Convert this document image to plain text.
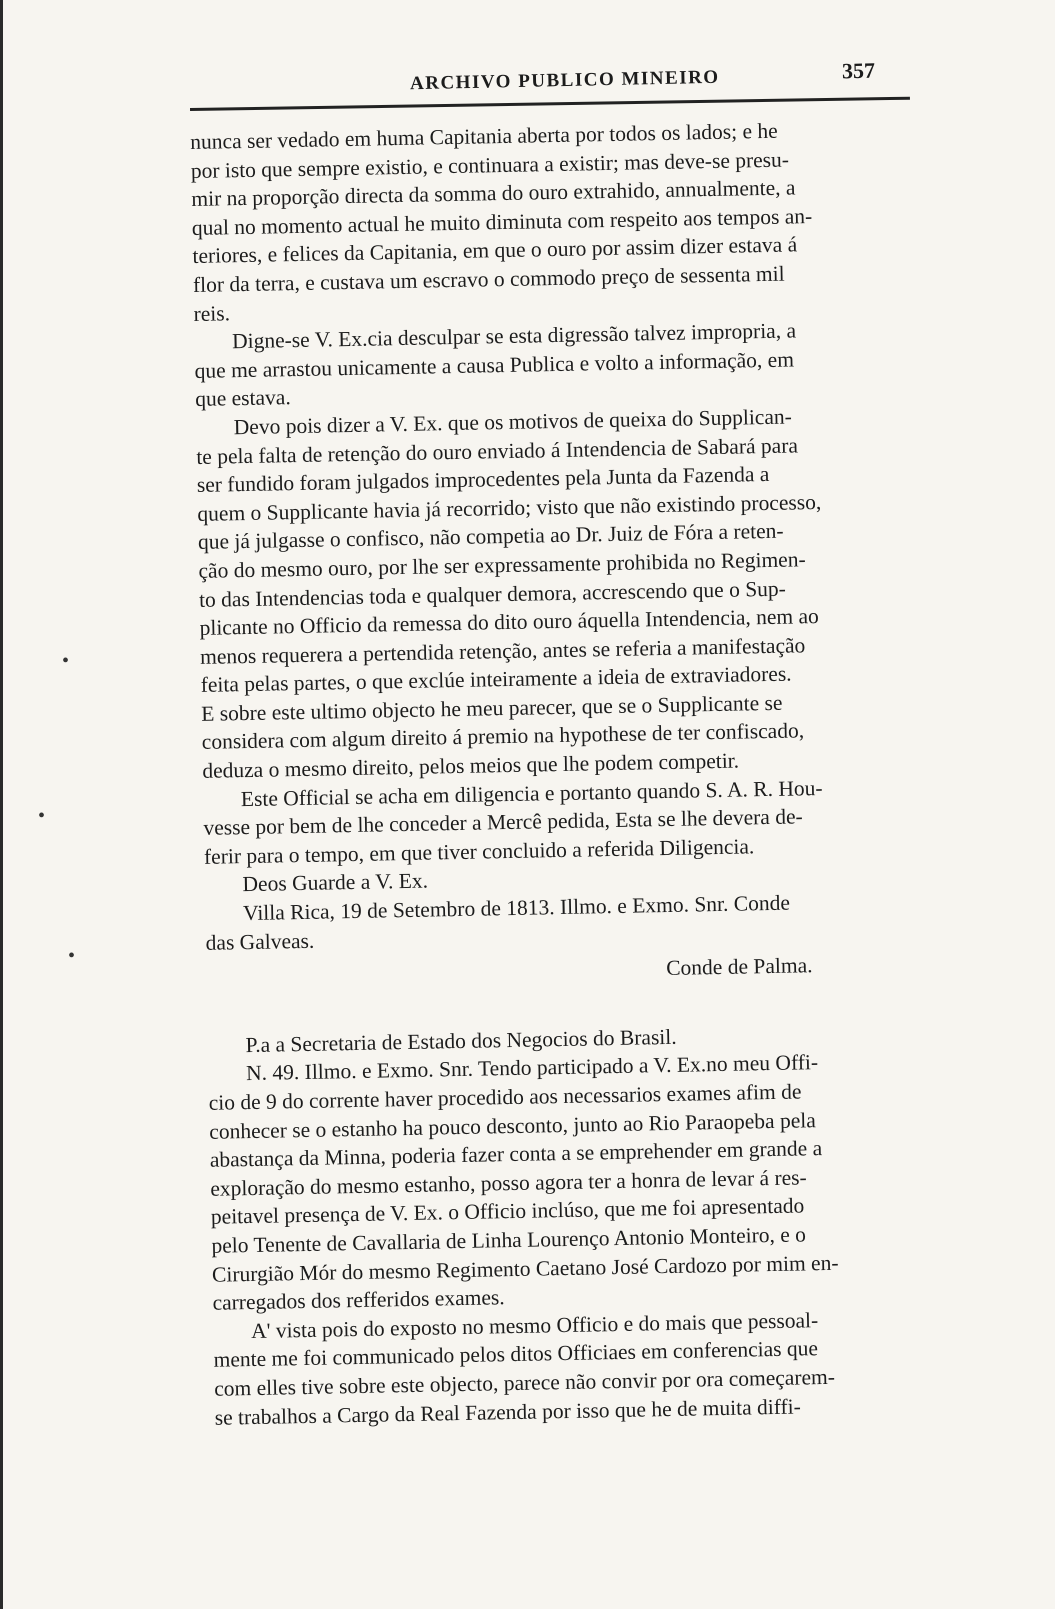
ARCHIVO PUBLICO MINEIRO	357
•
•
•
nunca ser vedado em huma Capitania aberta por todos os lados; e he
por isto que sempre existio, e continuara a existir; mas deve-se presu-
mir na proporção directa da somma do ouro extrahido, annualmente, a
qual no momento actual he muito diminuta com respeito aos tempos an-
teriores, e felices da Capitania, em que o ouro por assim dizer estava á
flor da terra, e custava um escravo o commodo preço de sessenta mil
reis.
Digne-se V. Ex.cia desculpar se esta digressão talvez impropria, a
que me arrastou unicamente a causa Publica e volto a informação, em
que estava.
Devo pois dizer a V. Ex. que os motivos de queixa do Supplican-
te pela falta de retenção do ouro enviado á Intendencia de Sabará para
ser fundido foram julgados improcedentes pela Junta da Fazenda a
quem o Supplicante havia já recorrido; visto que não existindo processo,
que já julgasse o confisco, não competia ao Dr. Juiz de Fóra a reten-
ção do mesmo ouro, por lhe ser expressamente prohibida no Regimen-
to das Intendencias toda e qualquer demora, accrescendo que o Sup-
plicante no Officio da remessa do dito ouro áquella Intendencia, nem ao
menos requerera a pertendida retenção, antes se referia a manifestação
feita pelas partes, o que exclúe inteiramente a ideia de extraviadores.
E sobre este ultimo objecto he meu parecer, que se o Supplicante se
considera com algum direito á premio na hypothese de ter confiscado,
deduza o mesmo direito, pelos meios que lhe podem competir.
Este Official se acha em diligencia e portanto quando S. A. R. Hou-
vesse por bem de lhe conceder a Mercê pedida, Esta se lhe devera de-
ferir para o tempo, em que tiver concluido a referida Diligencia.
Deos Guarde a V. Ex.
Villa Rica, 19 de Setembro de 1813. Illmo. e Exmo. Snr. Conde
das Galveas.
Conde de Palma.
P.a a Secretaria de Estado dos Negocios do Brasil.
N. 49. Illmo. e Exmo. Snr. Tendo participado a V. Ex.no meu Offi-
cio de 9 do corrente haver procedido aos necessarios exames afim de
conhecer se o estanho ha pouco desconto, junto ao Rio Paraopeba pela
abastança da Minna, poderia fazer conta a se emprehender em grande a
exploração do mesmo estanho, posso agora ter a honra de levar á res-
peitavel presença de V. Ex. o Officio inclúso, que me foi apresentado
pelo Tenente de Cavallaria de Linha Lourenço Antonio Monteiro, e o
Cirurgião Mór do mesmo Regimento Caetano José Cardozo por mim en-
carregados dos refferidos exames.
A' vista pois do exposto no mesmo Officio e do mais que pessoal-
mente me foi communicado pelos ditos Officiaes em conferencias que
com elles tive sobre este objecto, parece não convir por ora começarem-
se trabalhos a Cargo da Real Fazenda por isso que he de muita diffi-
